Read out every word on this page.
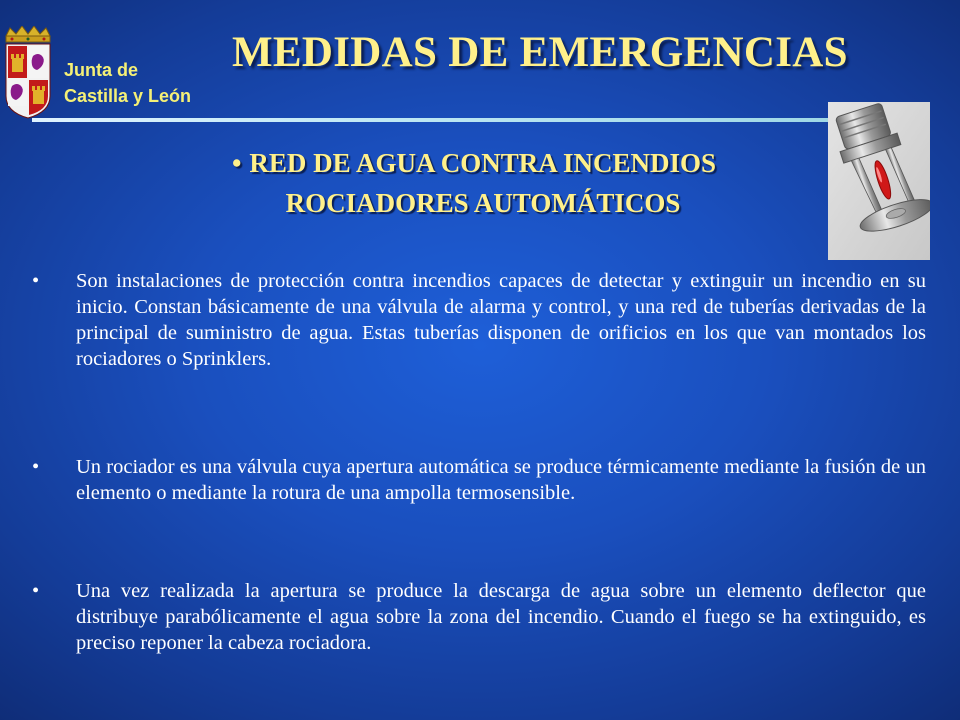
Junta de
Castilla y León
MEDIDAS DE EMERGENCIAS
• RED DE AGUA CONTRA INCENDIOS
ROCIADORES AUTOMÁTICOS
• Son instalaciones de protección contra incendios capaces de detectar y extinguir un incendio en su inicio. Constan básicamente de una válvula de alarma y control, y una red de tuberías derivadas de la principal de suministro de agua. Estas tuberías disponen de orificios en los que van montados los rociadores o Sprinklers.
• Un rociador es una válvula cuya apertura automática se produce térmicamente mediante la fusión de un elemento o mediante la rotura de una ampolla termosensible.
• Una vez realizada la apertura se produce la descarga de agua sobre un elemento deflector que distribuye parabólicamente el agua sobre la zona del incendio. Cuando el fuego se ha extinguido, es preciso reponer la cabeza rociadora.
